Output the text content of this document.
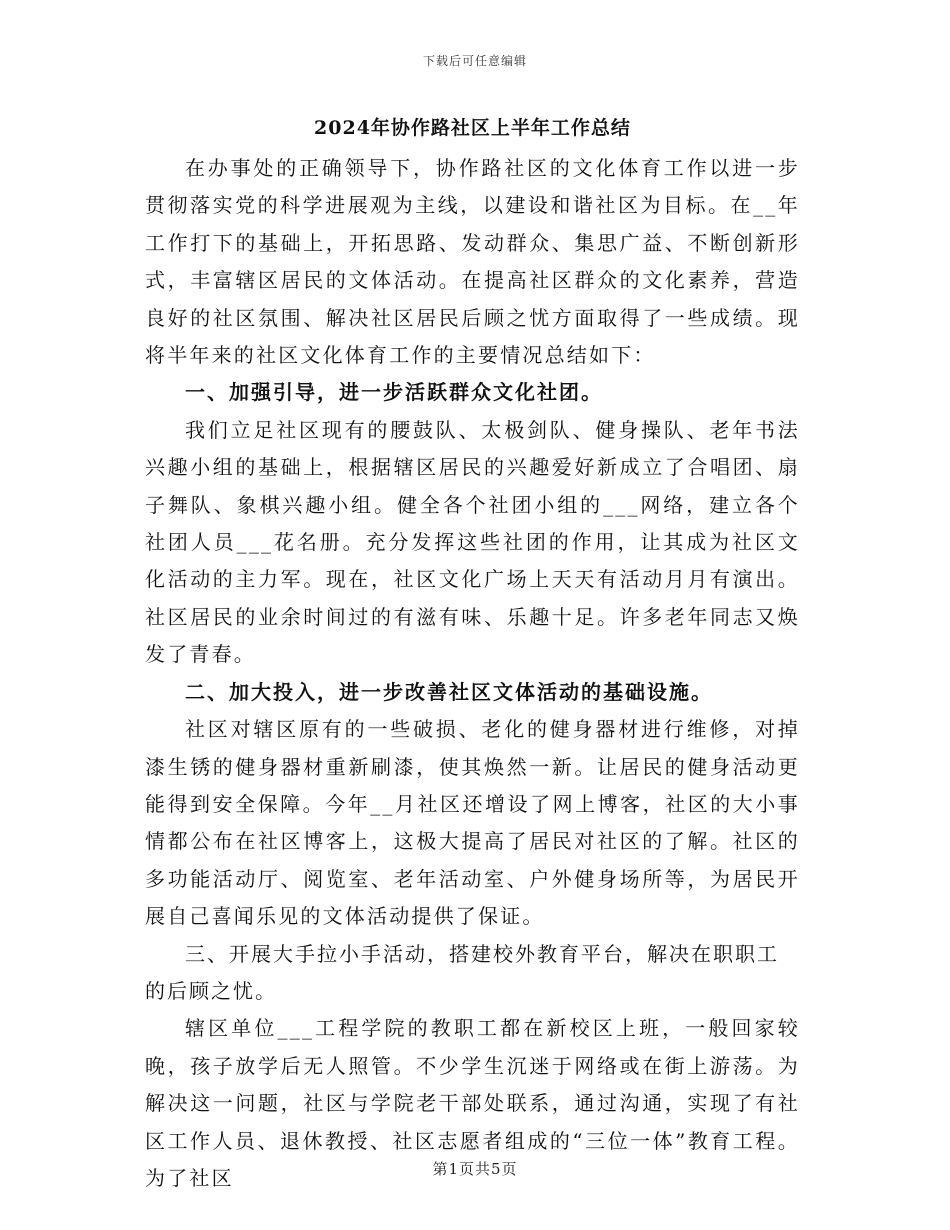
下载后可任意编辑
2024年协作路社区上半年工作总结

在办事处的正确领导下，协作路社区的文化体育工作以进一步贯彻落实党的科学进展观为主线，以建设和谐社区为目标。在__年工作打下的基础上，开拓思路、发动群众、集思广益、不断创新形式，丰富辖区居民的文体活动。在提高社区群众的文化素养，营造良好的社区氛围、解决社区居民后顾之忧方面取得了一些成绩。现将半年来的社区文化体育工作的主要情况总结如下：

一、加强引导，进一步活跃群众文化社团。

我们立足社区现有的腰鼓队、太极剑队、健身操队、老年书法兴趣小组的基础上，根据辖区居民的兴趣爱好新成立了合唱团、扇子舞队、象棋兴趣小组。健全各个社团小组的___网络，建立各个社团人员___花名册。充分发挥这些社团的作用，让其成为社区文化活动的主力军。现在，社区文化广场上天天有活动月月有演出。社区居民的业余时间过的有滋有味、乐趣十足。许多老年同志又焕发了青春。

二、加大投入，进一步改善社区文体活动的基础设施。

社区对辖区原有的一些破损、老化的健身器材进行维修，对掉漆生锈的健身器材重新刷漆，使其焕然一新。让居民的健身活动更能得到安全保障。今年__月社区还增设了网上博客，社区的大小事情都公布在社区博客上，这极大提高了居民对社区的了解。社区的多功能活动厅、阅览室、老年活动室、户外健身场所等，为居民开展自己喜闻乐见的文体活动提供了保证。

三、开展大手拉小手活动，搭建校外教育平台，解决在职职工的后顾之忧。

辖区单位___工程学院的教职工都在新校区上班，一般回家较晚，孩子放学后无人照管。不少学生沉迷于网络或在街上游荡。为解决这一问题，社区与学院老干部处联系，通过沟通，实现了有社区工作人员、退休教授、社区志愿者组成的“三位一体”教育工程。为了社区	第1页共5页
